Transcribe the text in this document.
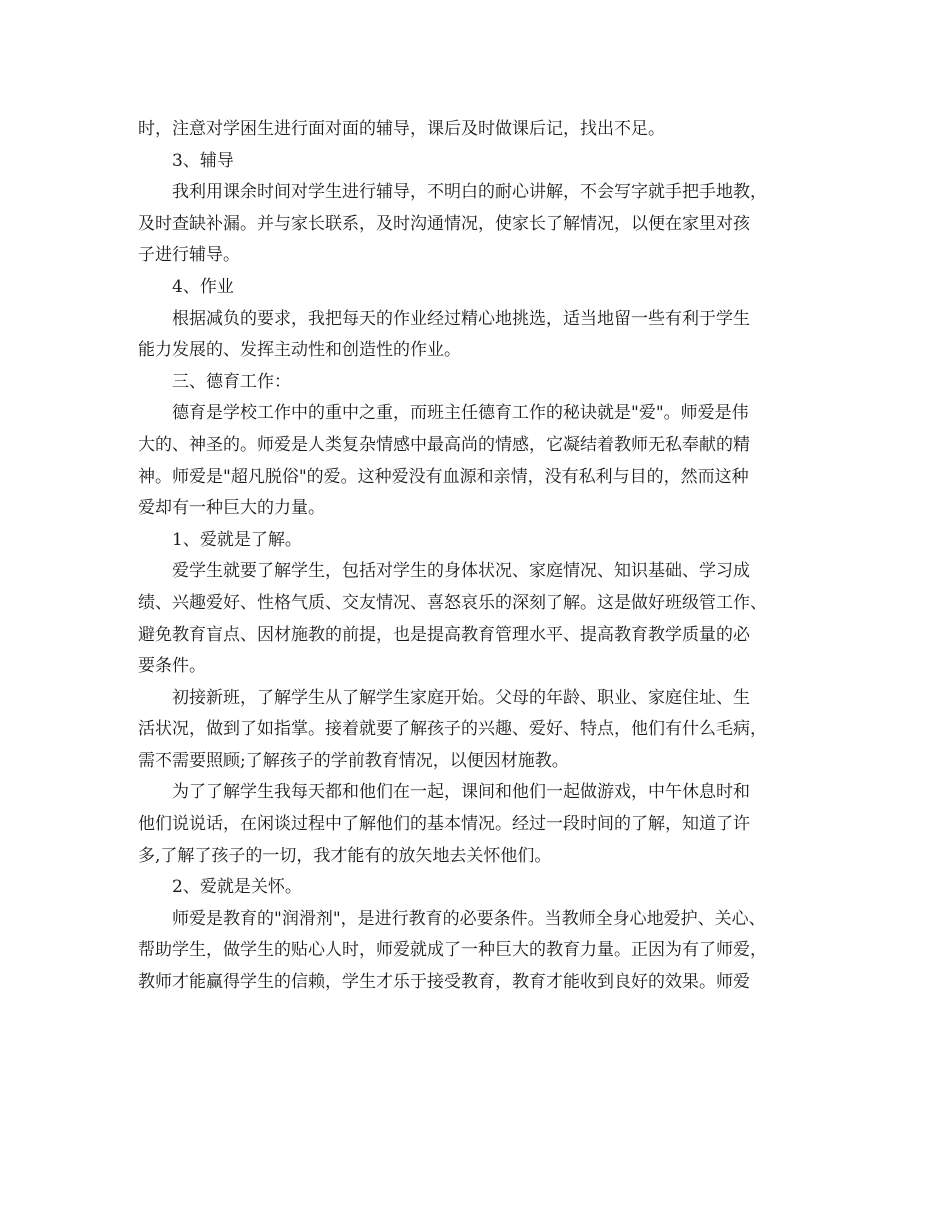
时，注意对学困生进行面对面的辅导，课后及时做课后记，找出不足。
3、辅导
我利用课余时间对学生进行辅导，不明白的耐心讲解，不会写字就手把手地教，
及时查缺补漏。并与家长联系，及时沟通情况，使家长了解情况，以便在家里对孩
子进行辅导。
4、作业
根据减负的要求，我把每天的作业经过精心地挑选，适当地留一些有利于学生
能力发展的、发挥主动性和创造性的作业。
三、德育工作：
德育是学校工作中的重中之重，而班主任德育工作的秘诀就是"爱"。师爱是伟
大的、神圣的。师爱是人类复杂情感中最高尚的情感，它凝结着教师无私奉献的精
神。师爱是"超凡脱俗"的爱。这种爱没有血源和亲情，没有私利与目的，然而这种
爱却有一种巨大的力量。
1、爱就是了解。
爱学生就要了解学生，包括对学生的身体状况、家庭情况、知识基础、学习成
绩、兴趣爱好、性格气质、交友情况、喜怒哀乐的深刻了解。这是做好班级管工作、
避免教育盲点、因材施教的前提，也是提高教育管理水平、提高教育教学质量的必
要条件。
初接新班，了解学生从了解学生家庭开始。父母的年龄、职业、家庭住址、生
活状况，做到了如指掌。接着就要了解孩子的兴趣、爱好、特点，他们有什么毛病，
需不需要照顾;了解孩子的学前教育情况，以便因材施教。
为了了解学生我每天都和他们在一起，课间和他们一起做游戏，中午休息时和
他们说说话，在闲谈过程中了解他们的基本情况。经过一段时间的了解，知道了许
多,了解了孩子的一切，我才能有的放矢地去关怀他们。
2、爱就是关怀。
师爱是教育的"润滑剂"，是进行教育的必要条件。当教师全身心地爱护、关心、
帮助学生，做学生的贴心人时，师爱就成了一种巨大的教育力量。正因为有了师爱，
教师才能赢得学生的信赖，学生才乐于接受教育，教育才能收到良好的效果。师爱
